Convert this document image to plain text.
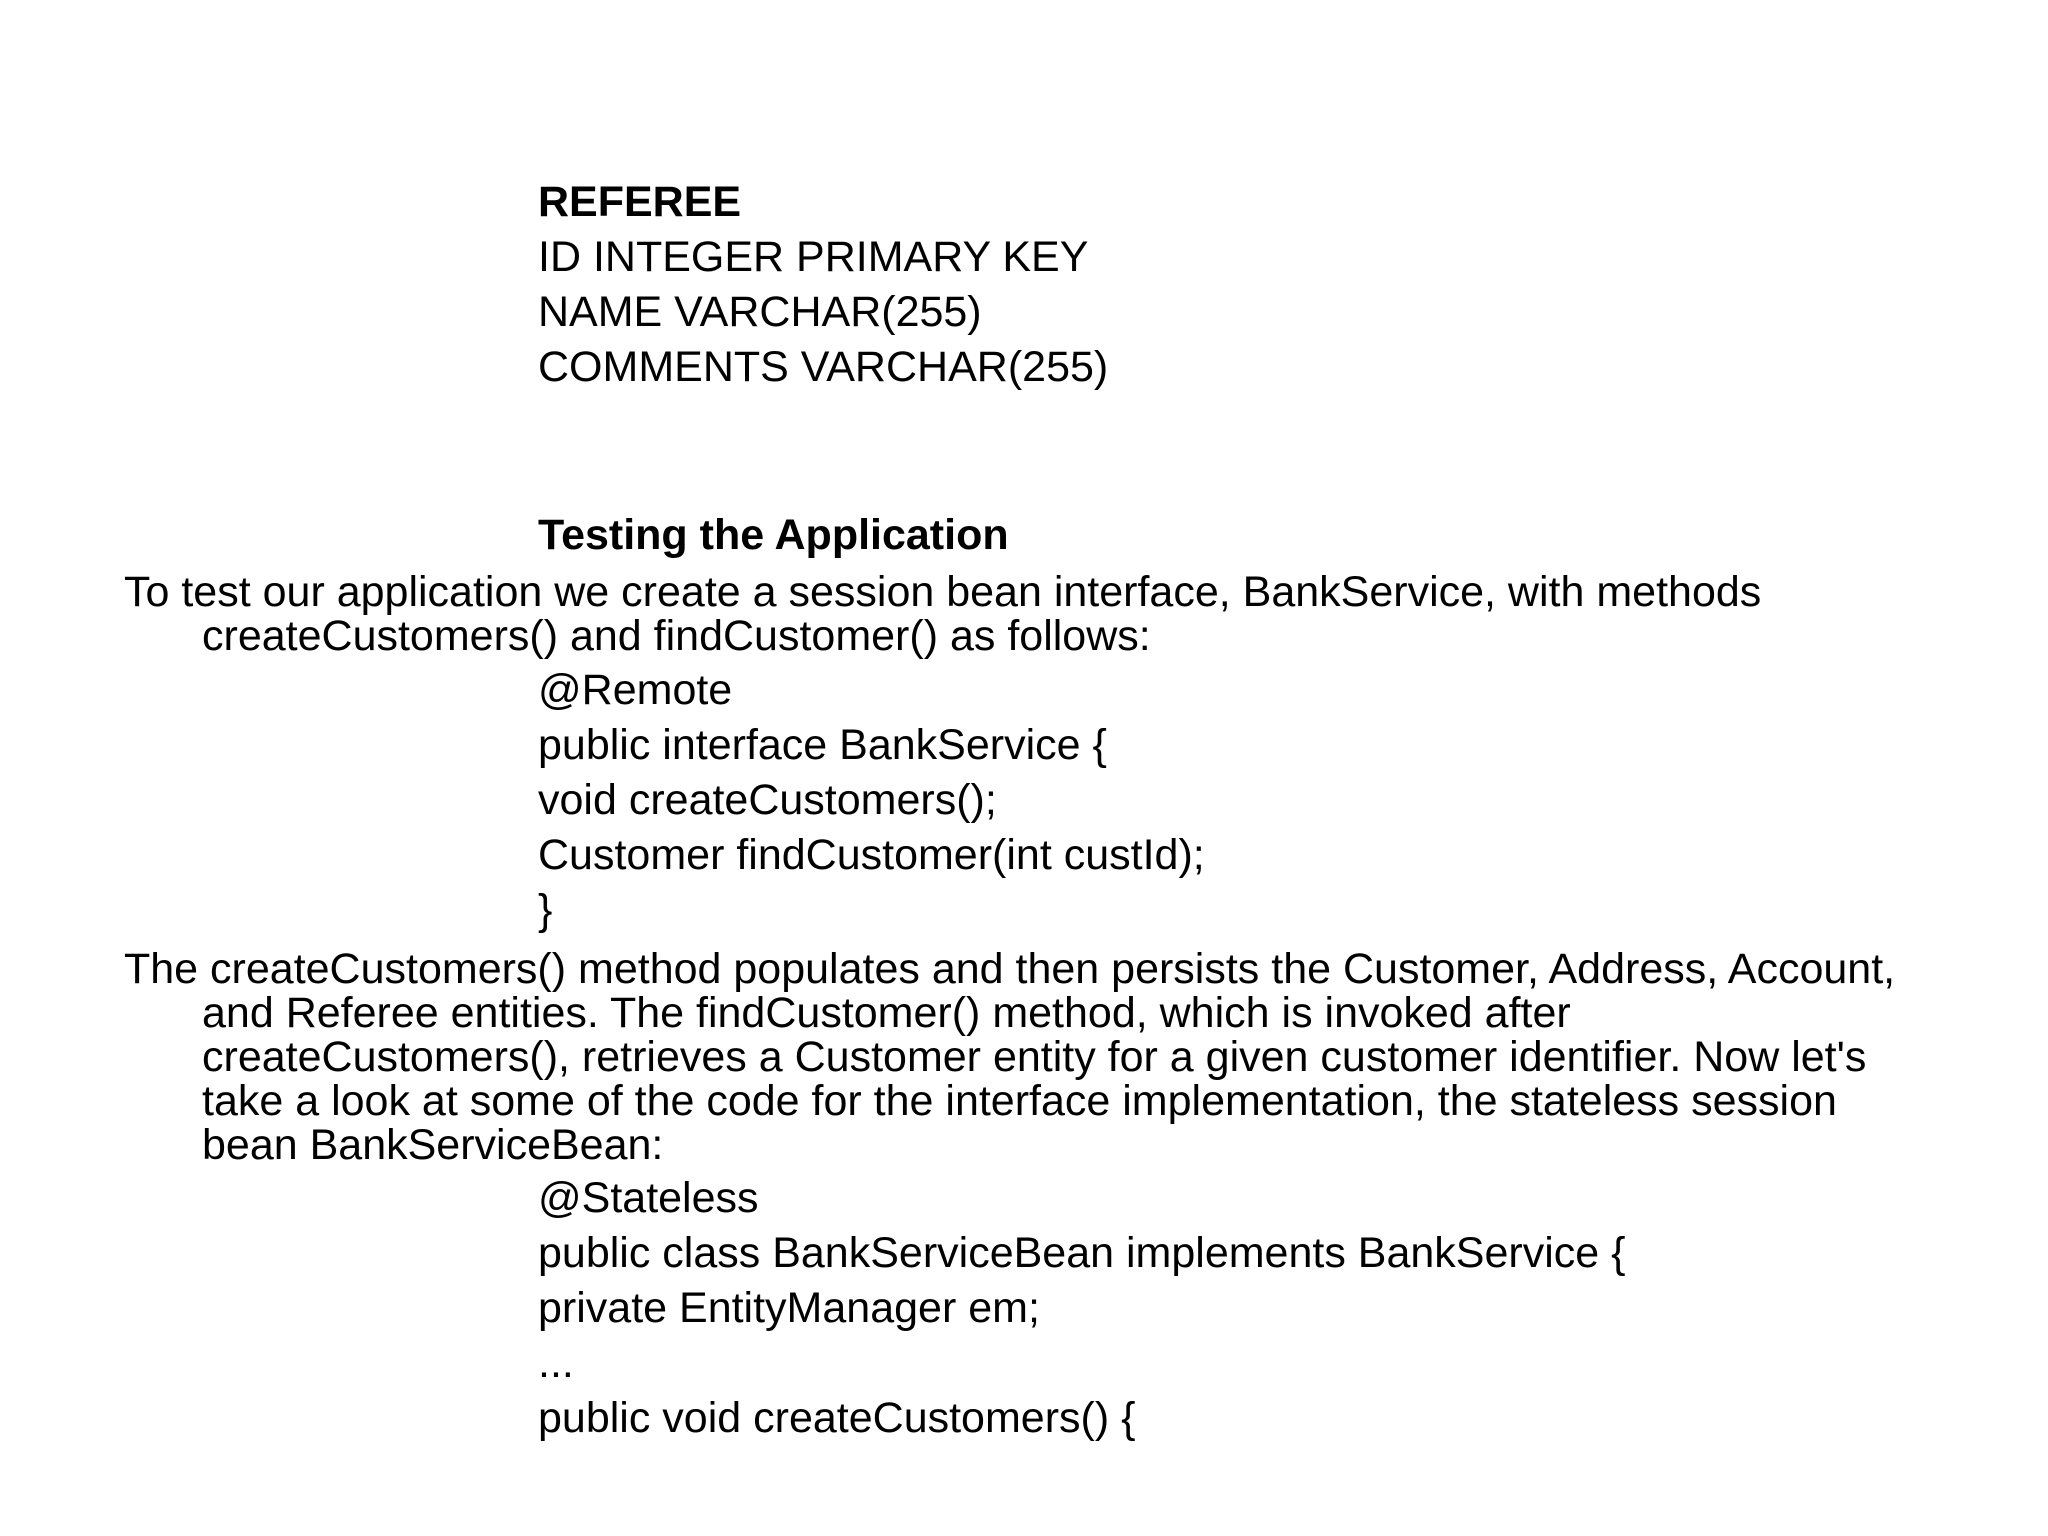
REFEREE
ID INTEGER PRIMARY KEY
NAME VARCHAR(255)
COMMENTS VARCHAR(255)
Testing the Application
To test our application we create a session bean interface, BankService, with methods createCustomers() and findCustomer() as follows:
@Remote
public interface BankService {
void createCustomers();
Customer findCustomer(int custId);
}
The createCustomers() method populates and then persists the Customer, Address, Account, and Referee entities. The findCustomer() method, which is invoked after createCustomers(), retrieves a Customer entity for a given customer identifier. Now let's take a look at some of the code for the interface implementation, the stateless session bean BankServiceBean:
@Stateless
public class BankServiceBean implements BankService {
private EntityManager em;
...
public void createCustomers() {
